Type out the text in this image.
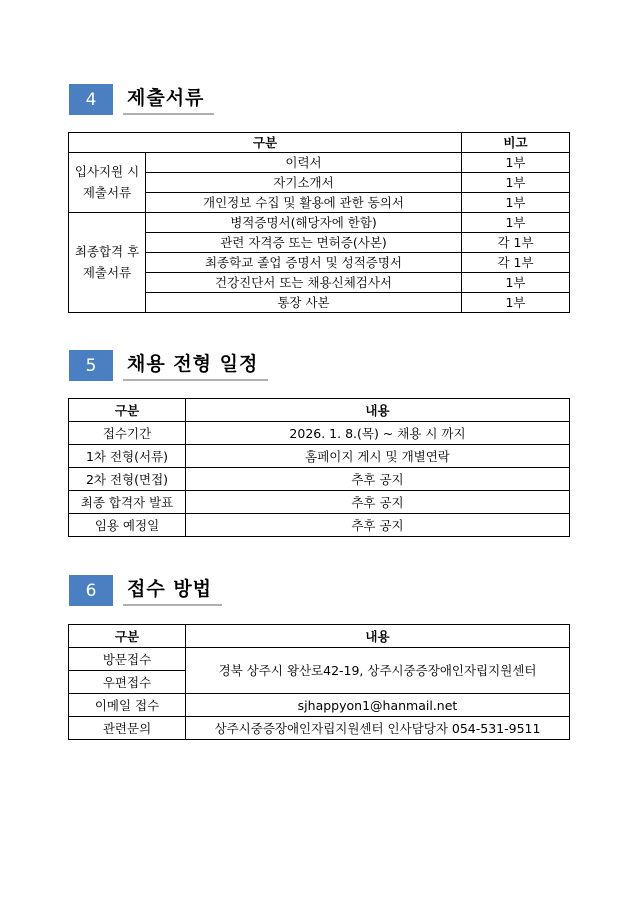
4	제출서류
구분		비고
입사지원 시
제출서류	이력서	1부
	자기소개서	1부
	개인정보 수집 및 활용에 관한 동의서	1부
최종합격 후
제출서류	병적증명서(해당자에 한함)	1부
	관련 자격증 또는 면허증(사본)	각 1부
	최종학교 졸업 증명서 및 성적증명서	각 1부
	건강진단서 또는 채용신체검사서	1부
	통장 사본	1부
5	채용 전형 일정
구분	내용
접수기간	2026. 1. 8.(목) ~ 채용 시 까지
1차 전형(서류)	홈페이지 게시 및 개별연락
2차 전형(면접)	추후 공지
최종 합격자 발표	추후 공지
임용 예정일	추후 공지
6	접수 방법
구분	내용
방문접수	경북 상주시 왕산로42-19, 상주시중증장애인자립지원센터
우편접수	
이메일 접수	sjhappyon1@hanmail.net
관련문의	상주시중증장애인자립지원센터 인사담당자 054-531-9511
